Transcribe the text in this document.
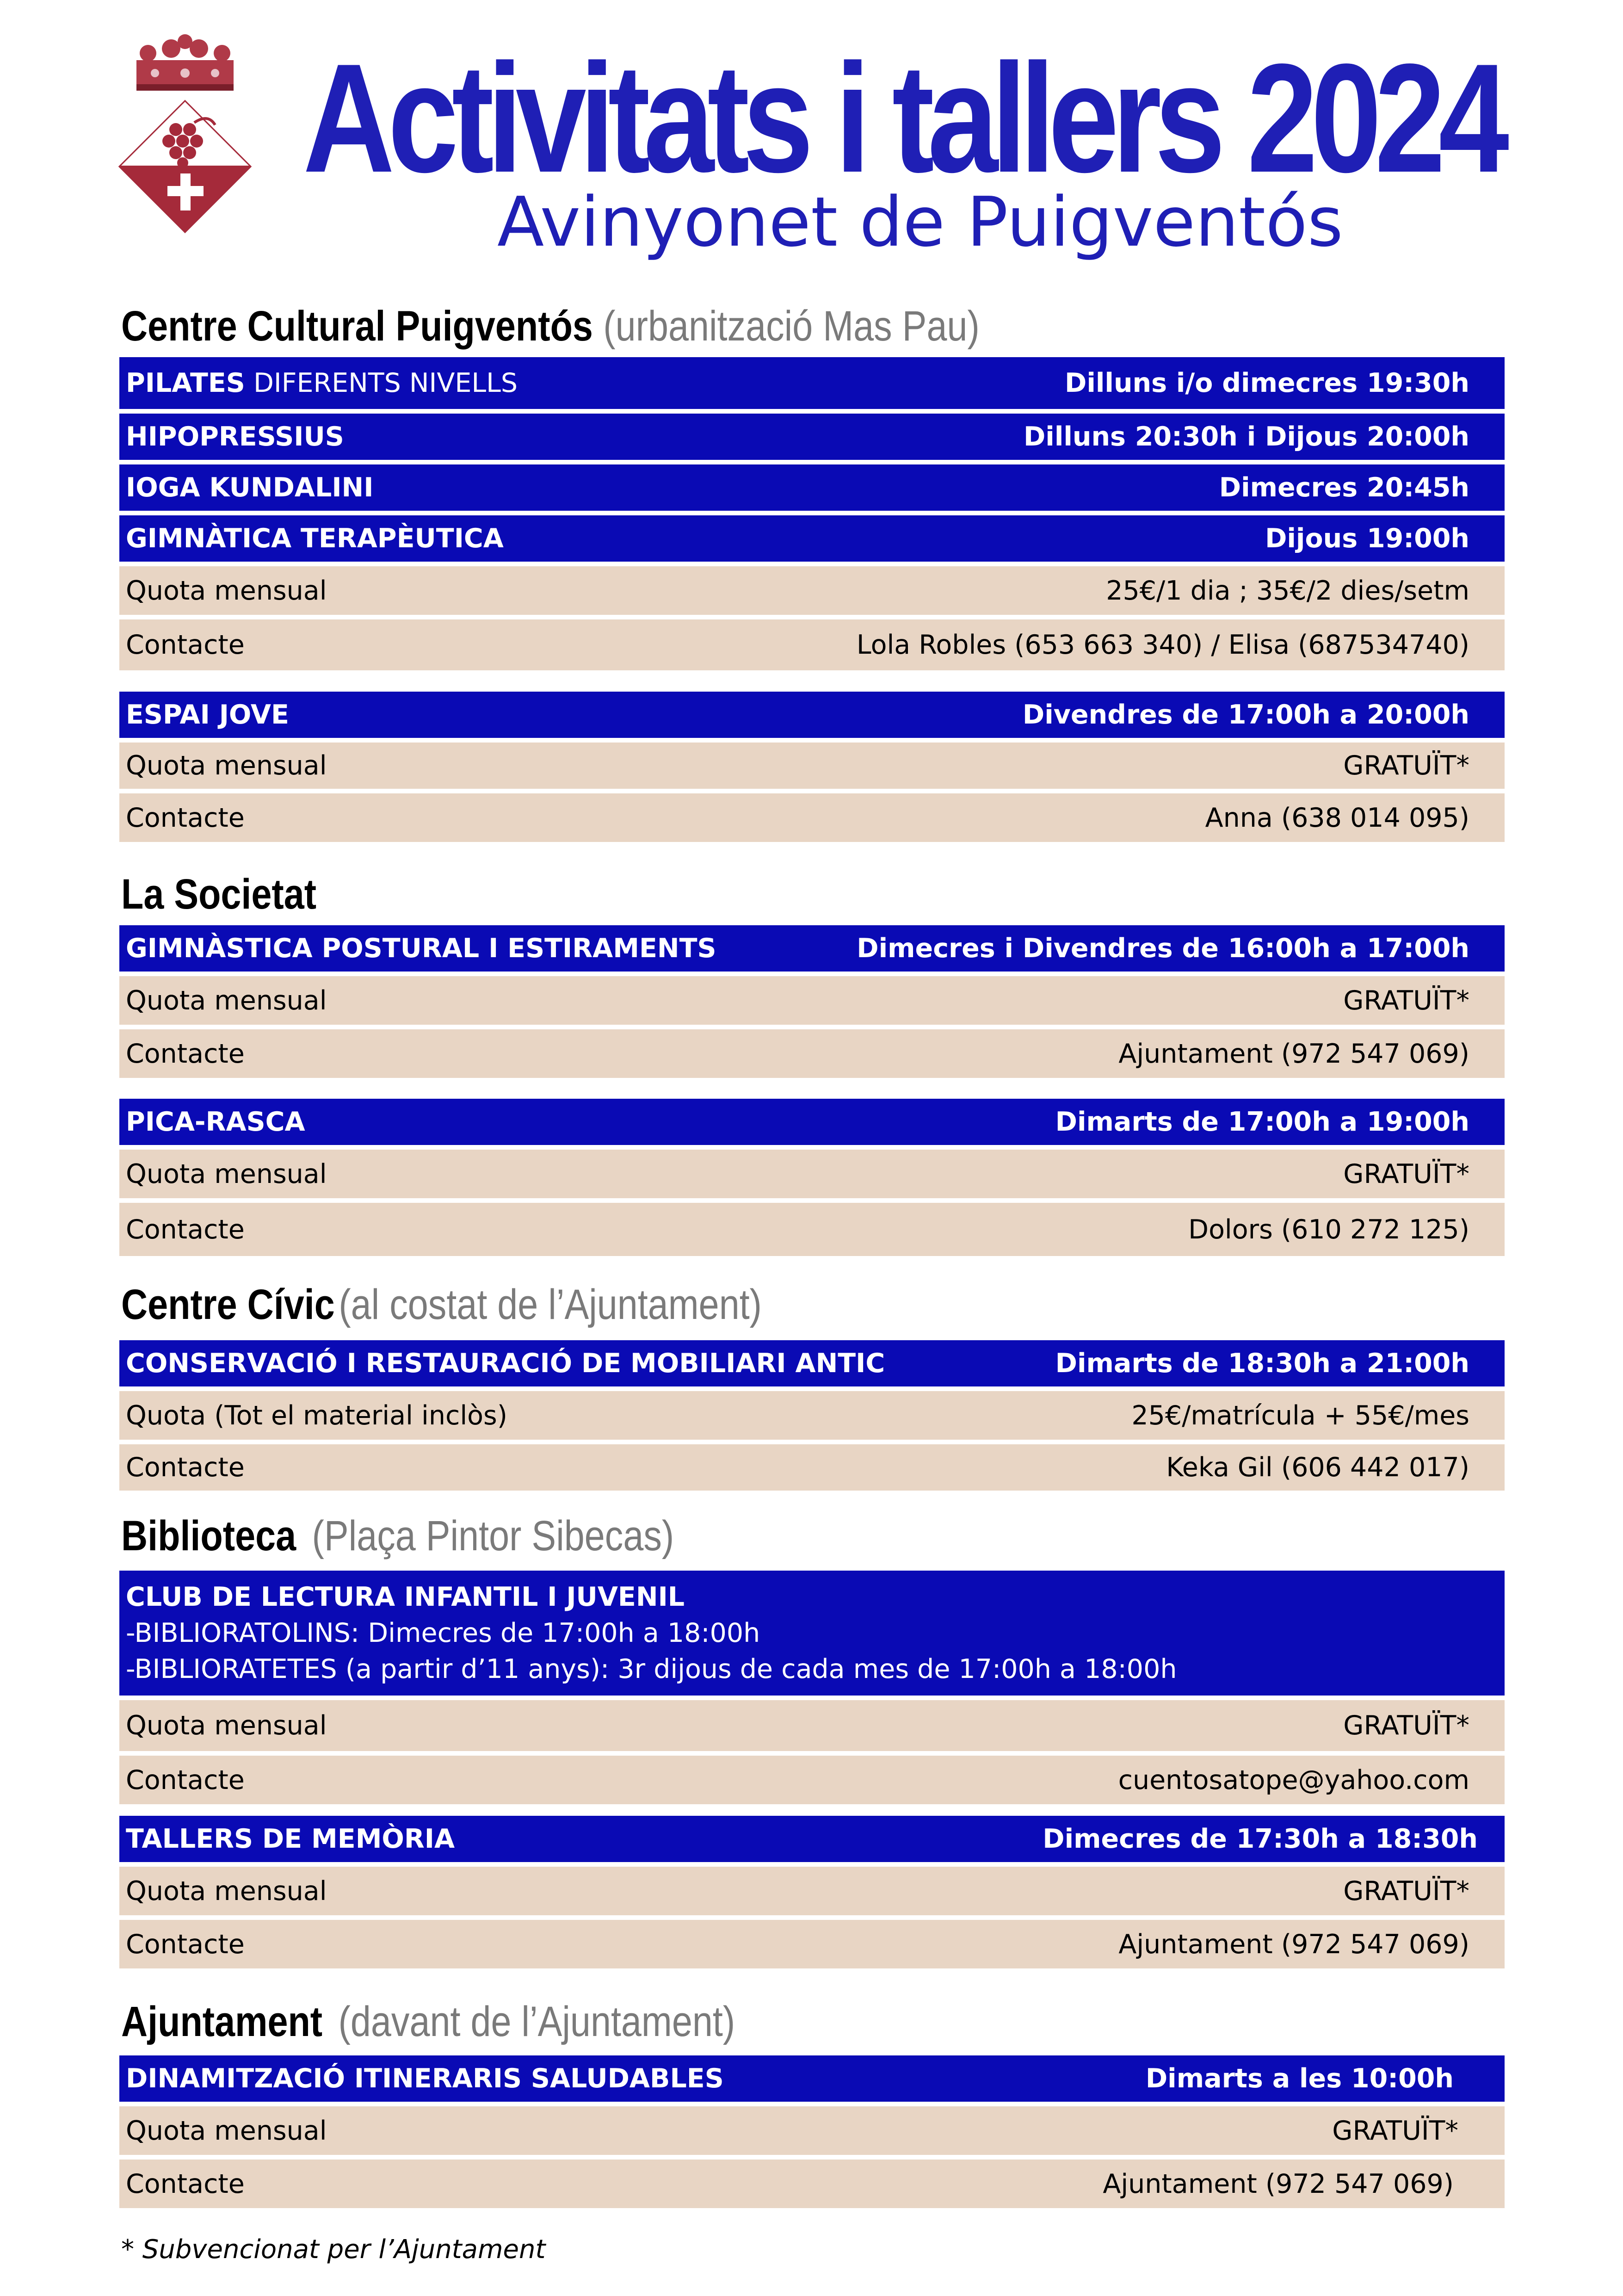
Activitats i tallers 2024
Avinyonet de Puigventós
Centre Cultural Puigventós (urbanització Mas Pau)
PILATES DIFERENTS NIVELLS	Dilluns i/o dimecres 19:30h
HIPOPRESSIUS	Dilluns 20:30h i Dijous 20:00h
IOGA KUNDALINI	Dimecres 20:45h
GIMNÀTICA TERAPÈUTICA	Dijous 19:00h
Quota mensual	25€/1 dia ; 35€/2 dies/setm
Contacte	Lola Robles (653 663 340) / Elisa (687534740)
ESPAI JOVE	Divendres de 17:00h a 20:00h
Quota mensual	GRATUÏT*
Contacte	Anna (638 014 095)
La Societat
GIMNÀSTICA POSTURAL I ESTIRAMENTS	Dimecres i Divendres de 16:00h a 17:00h
Quota mensual	GRATUÏT*
Contacte	Ajuntament (972 547 069)
PICA-RASCA	Dimarts de 17:00h a 19:00h
Quota mensual	GRATUÏT*
Contacte	Dolors (610 272 125)
Centre Cívic(al costat de l’Ajuntament)
CONSERVACIÓ I RESTAURACIÓ DE MOBILIARI ANTIC	Dimarts de 18:30h a 21:00h
Quota (Tot el material inclòs)	25€/matrícula + 55€/mes
Contacte	Keka Gil (606 442 017)
Biblioteca (Plaça Pintor Sibecas)
CLUB DE LECTURA INFANTIL I JUVENIL
-BIBLIORATOLINS: Dimecres de 17:00h a 18:00h
-BIBLIORATETES (a partir d’11 anys): 3r dijous de cada mes de 17:00h a 18:00h
Quota mensual	GRATUÏT*
Contacte	cuentosatope@yahoo.com
TALLERS DE MEMÒRIA	Dimecres de 17:30h a 18:30h
Quota mensual	GRATUÏT*
Contacte	Ajuntament (972 547 069)
Ajuntament (davant de l’Ajuntament)
DINAMITZACIÓ ITINERARIS SALUDABLES	Dimarts a les 10:00h
Quota mensual	GRATUÏT*
Contacte	Ajuntament (972 547 069)
* Subvencionat per l’Ajuntament
